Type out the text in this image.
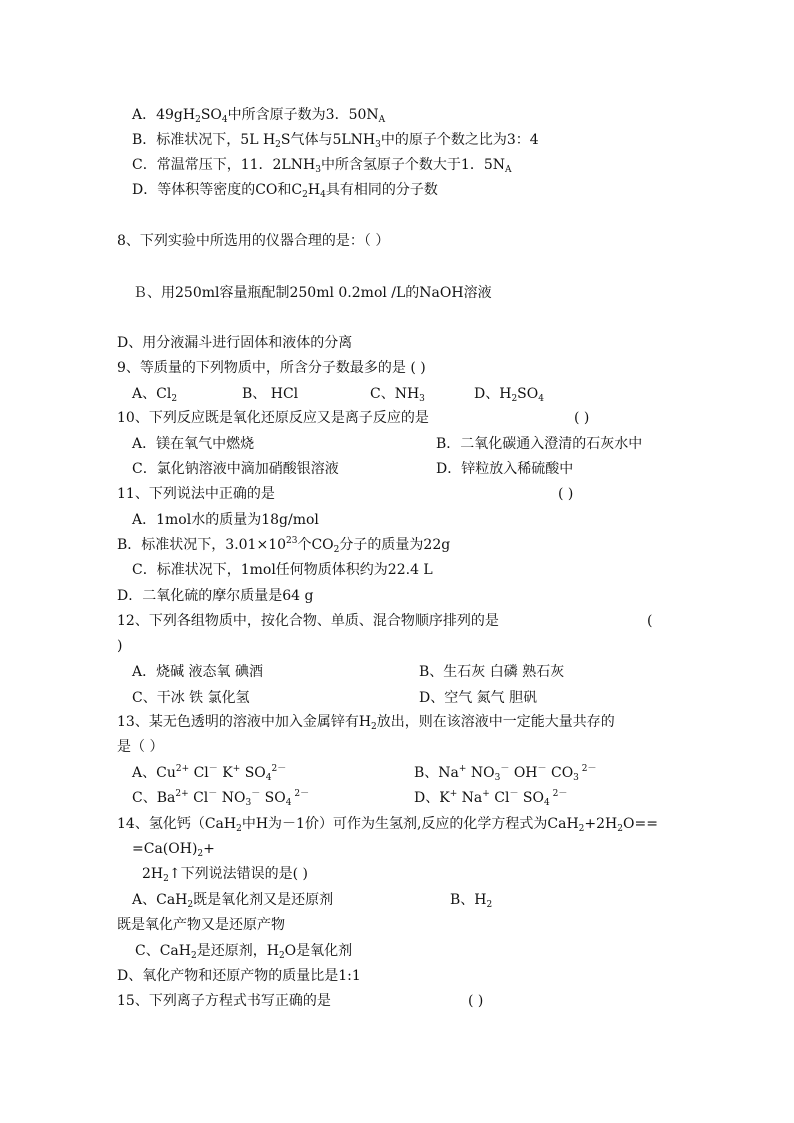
A．$49gH_2SO_4$中所含原子数为3．$50N_A$
B．标准状况下，5L $H_2S$气体与$5LNH_3$中的原子个数之比为3：4
C．常温常压下，11．$2LNH_3$中所含氢原子个数大于1．$5N_A$
D．等体积等密度的CO和$C_2H_4$具有相同的分子数
8、下列实验中所选用的仪器合理的是：（ ）
Ｂ、用250ml容量瓶配制250ml 0.2mol /L的NaOH溶液
D、用分液漏斗进行固体和液体的分离
9、等质量的下列物质中，所含分子数最多的是 ( )
A、$Cl_2$	B、 HCl	C、$NH_3$	D、$H_2SO_4$
10、下列反应既是氧化还原反应又是离子反应的是	( )
A．镁在氧气中燃烧	B．二氧化碳通入澄清的石灰水中
C．氯化钠溶液中滴加硝酸银溶液	D．锌粒放入稀硫酸中
11、下列说法中正确的是	( )
A．1mol水的质量为18g/mol
B．标准状况下，$3.01\times 10^{23}$个$CO_2$分子的质量为22g
C．标准状况下，1mol任何物质体积约为22.4 L
D．二氧化硫的摩尔质量是64 g
12、下列各组物质中，按化合物、单质、混合物顺序排列的是	(
)
A．烧碱 液态氧 碘酒	B、生石灰 白磷 熟石灰
C、干冰 铁 氯化氢	D、空气 氮气 胆矾
13、某无色透明的溶液中加入金属锌有$H_2$放出，则在该溶液中一定能大量共存的
是（ ）
A、$Cu^{2+}$ Cl－ K+ $SO_4^{2-}$	B、Na+ $NO_3^-$ OH－ $CO_3$ $^{2-}$
C、$Ba^{2+}$ Cl－ $NO_3^-$ $SO_4$ $^{2-}$	D、K+ Na+ Cl－ $SO_4$ $^{2-}$
14、氢化钙（CaH$_2$中H为－1价）可作为生氢剂,反应的化学方程式为$CaH_2+2H_2O==$
$=Ca(OH)_2+$
$2H_2↑$下列说法错误的是( )
A、CaH$_2$既是氧化剂又是还原剂	B、$H_2$
既是氧化产物又是还原产物
C、CaH$_2$是还原剂，$H_2O$是氧化剂
D、氧化产物和还原产物的质量比是1:1
15、下列离子方程式书写正确的是	( )
